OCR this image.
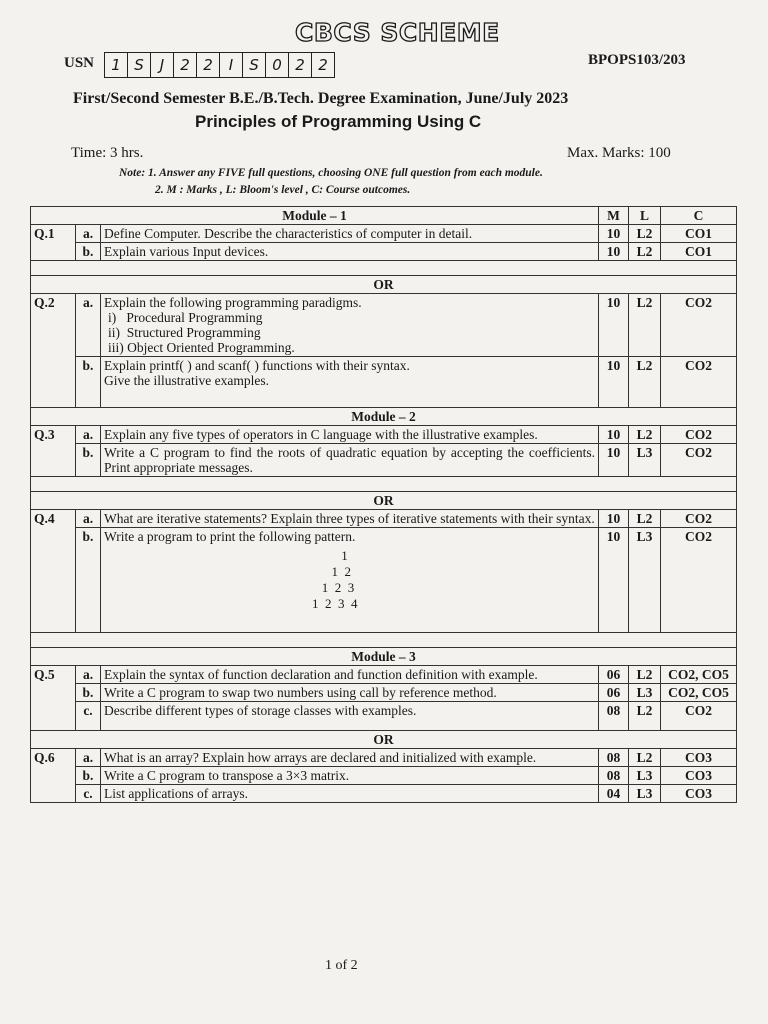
CBCS SCHEME
USN	1 S	J	2 2	I	S 0 2 2	BPOPS103/203
First/Second Semester B.E./B.Tech. Degree Examination, June/July 2023
Principles of Programming Using C
Time: 3 hrs.	Max. Marks: 100
Note: 1. Answer any FIVE full questions, choosing ONE full question from each module.
2. M : Marks , L: Bloom's level , C: Course outcomes.
Module – 1			M	L	C
Q.1	a.	Define Computer. Describe the characteristics of computer in detail.	10	L2	CO1
	b.	Explain various Input devices.	10	L2	CO1

OR					
Q.2	a.	Explain the following programming paradigms.
i)   Procedural Programming
ii)  Structured Programming
iii) Object Oriented Programming.	10	L2	CO2
	b.	Explain printf( ) and scanf( ) functions with their syntax.
Give the illustrative examples.	10	L2	CO2
Module – 2					
Q.3	a.	Explain any five types of operators in C language with the illustrative examples.	10	L2	CO2
	b.	Write a C program to find the roots of quadratic equation by accepting the coefficients. Print appropriate messages.	10	L3	CO2

OR					
Q.4	a.	What are iterative statements? Explain three types of iterative statements with their syntax.	10	L2	CO2
	b.	Write a program to print the following pattern.
1
1  2
1  2  3
1  2  3  4	10	L3	CO2

Module – 3					
Q.5	a.	Explain the syntax of function declaration and function definition with example.	06	L2	CO2, CO5
	b.	Write a C program to swap two numbers using call by reference method.	06	L3	CO2, CO5
	c.	Describe different types of storage classes with examples.	08	L2	CO2
OR					
Q.6	a.	What is an array? Explain how arrays are declared and initialized with example.	08	L2	CO3
	b.	Write a C program to transpose a 3×3 matrix.	08	L3	CO3
	c.	List applications of arrays.	04	L3	CO3
1 of 2
